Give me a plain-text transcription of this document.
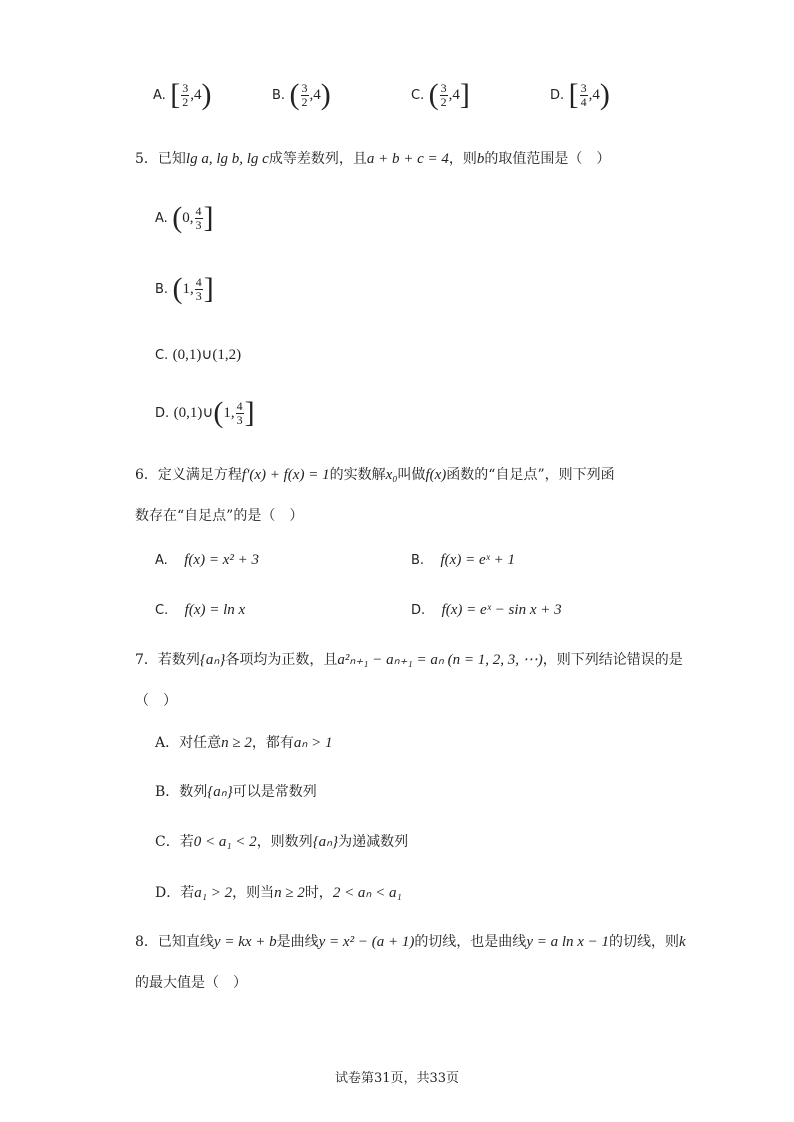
A. [ $\frac{3}{2} ,4$)	B. ( $\frac{3}{2} ,4$)	C. ( $\frac{3}{2} ,4$]	D. [ $\frac{3}{4} ,4$)
5．已知lg a, lg b, lg c成等差数列，且a + b + c = 4，则b的取值范围是（　）
A. (0, $\frac{4}{3}$ ]
B. (1, $\frac{4}{3}$ ]
C. (0,1)∪(1,2)
D. (0,1)∪(1, $\frac{4}{3}$ ]
6．定义满足方程f′(x) + f(x) = 1的实数解x₀叫做f(x)函数的“自足点”，则下列函
数存在“自足点”的是（　）
A. f(x) = x² + 3	B. f(x) = eˣ + 1
C. f(x) = ln x	D. f(x) = eˣ − sin x + 3
7．若数列{aₙ}各项均为正数，且a²ₙ₊₁ − aₙ₊₁ = aₙ (n = 1, 2, 3, ⋯)，则下列结论错误的是
（　）
A．对任意n ≥ 2，都有aₙ > 1
B．数列{aₙ}可以是常数列
C．若0 < a₁ < 2，则数列{aₙ}为递减数列
D．若a₁ > 2，则当n ≥ 2时，2 < aₙ < a₁
8．已知直线y = kx + b是曲线y = x² − (a + 1)的切线，也是曲线y = a ln x − 1的切线，则k
的最大值是（　）
试卷第31页，共33页
